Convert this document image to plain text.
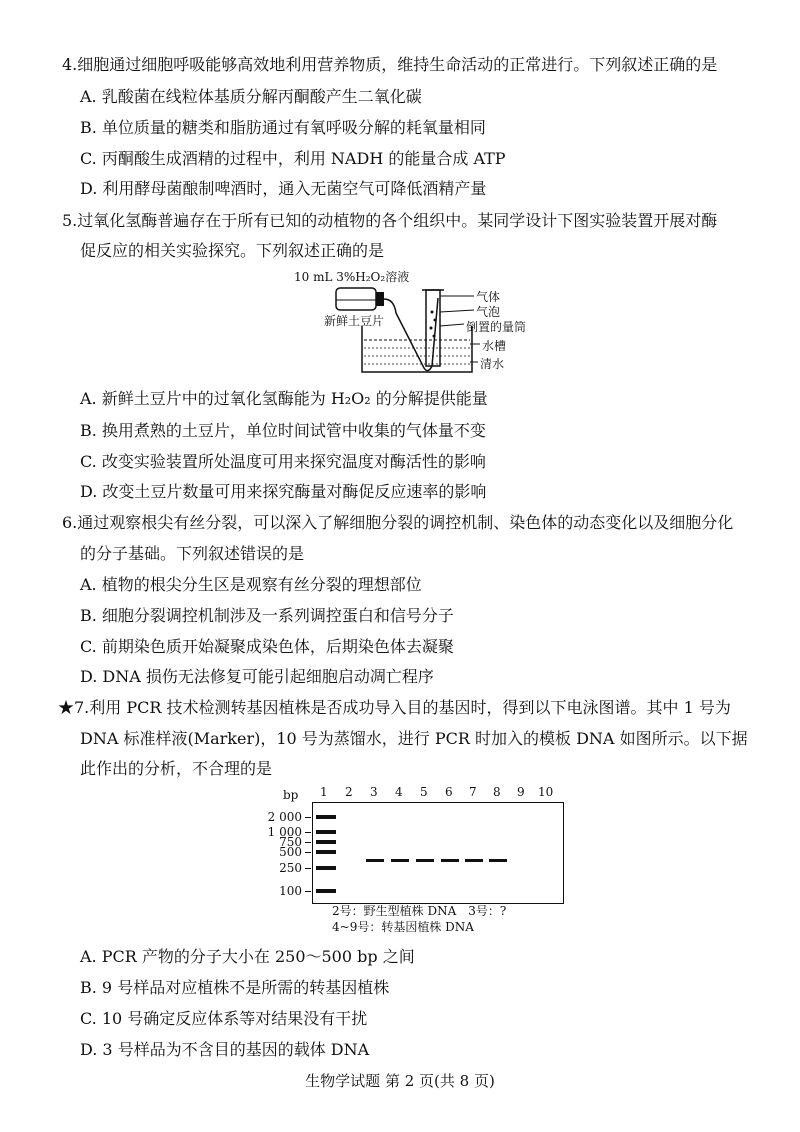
4.细胞通过细胞呼吸能够高效地利用营养物质，维持生命活动的正常进行。下列叙述正确的是
A. 乳酸菌在线粒体基质分解丙酮酸产生二氧化碳
B. 单位质量的糖类和脂肪通过有氧呼吸分解的耗氧量相同
C. 丙酮酸生成酒精的过程中，利用 NADH 的能量合成 ATP
D. 利用酵母菌酿制啤酒时，通入无菌空气可降低酒精产量
5.过氧化氢酶普遍存在于所有已知的动植物的各个组织中。某同学设计下图实验装置开展对酶
促反应的相关实验探究。下列叙述正确的是
10 mL 3%H₂O₂溶液
新鲜土豆片
气体
气泡
倒置的量筒
水槽
清水
A. 新鲜土豆片中的过氧化氢酶能为 H₂O₂ 的分解提供能量
B. 换用煮熟的土豆片，单位时间试管中收集的气体量不变
C. 改变实验装置所处温度可用来探究温度对酶活性的影响
D. 改变土豆片数量可用来探究酶量对酶促反应速率的影响
6.通过观察根尖有丝分裂，可以深入了解细胞分裂的调控机制、染色体的动态变化以及细胞分化
的分子基础。下列叙述错误的是
A. 植物的根尖分生区是观察有丝分裂的理想部位
B. 细胞分裂调控机制涉及一系列调控蛋白和信号分子
C. 前期染色质开始凝聚成染色体，后期染色体去凝聚
D. DNA 损伤无法修复可能引起细胞启动凋亡程序
★7.利用 PCR 技术检测转基因植株是否成功导入目的基因时，得到以下电泳图谱。其中 1 号为
DNA 标准样液(Marker)，10 号为蒸馏水，进行 PCR 时加入的模板 DNA 如图所示。以下据
此作出的分析，不合理的是
bp	1 2 3 4 5 6 7 8 9 10
2 000
1 000
750
500
250
100
2号：野生型植株 DNA　3号：?
4~9号：转基因植株 DNA
A. PCR 产物的分子大小在 250～500 bp 之间
B. 9 号样品对应植株不是所需的转基因植株
C. 10 号确定反应体系等对结果没有干扰
D. 3 号样品为不含目的基因的载体 DNA
生物学试题 第 2 页(共 8 页)
